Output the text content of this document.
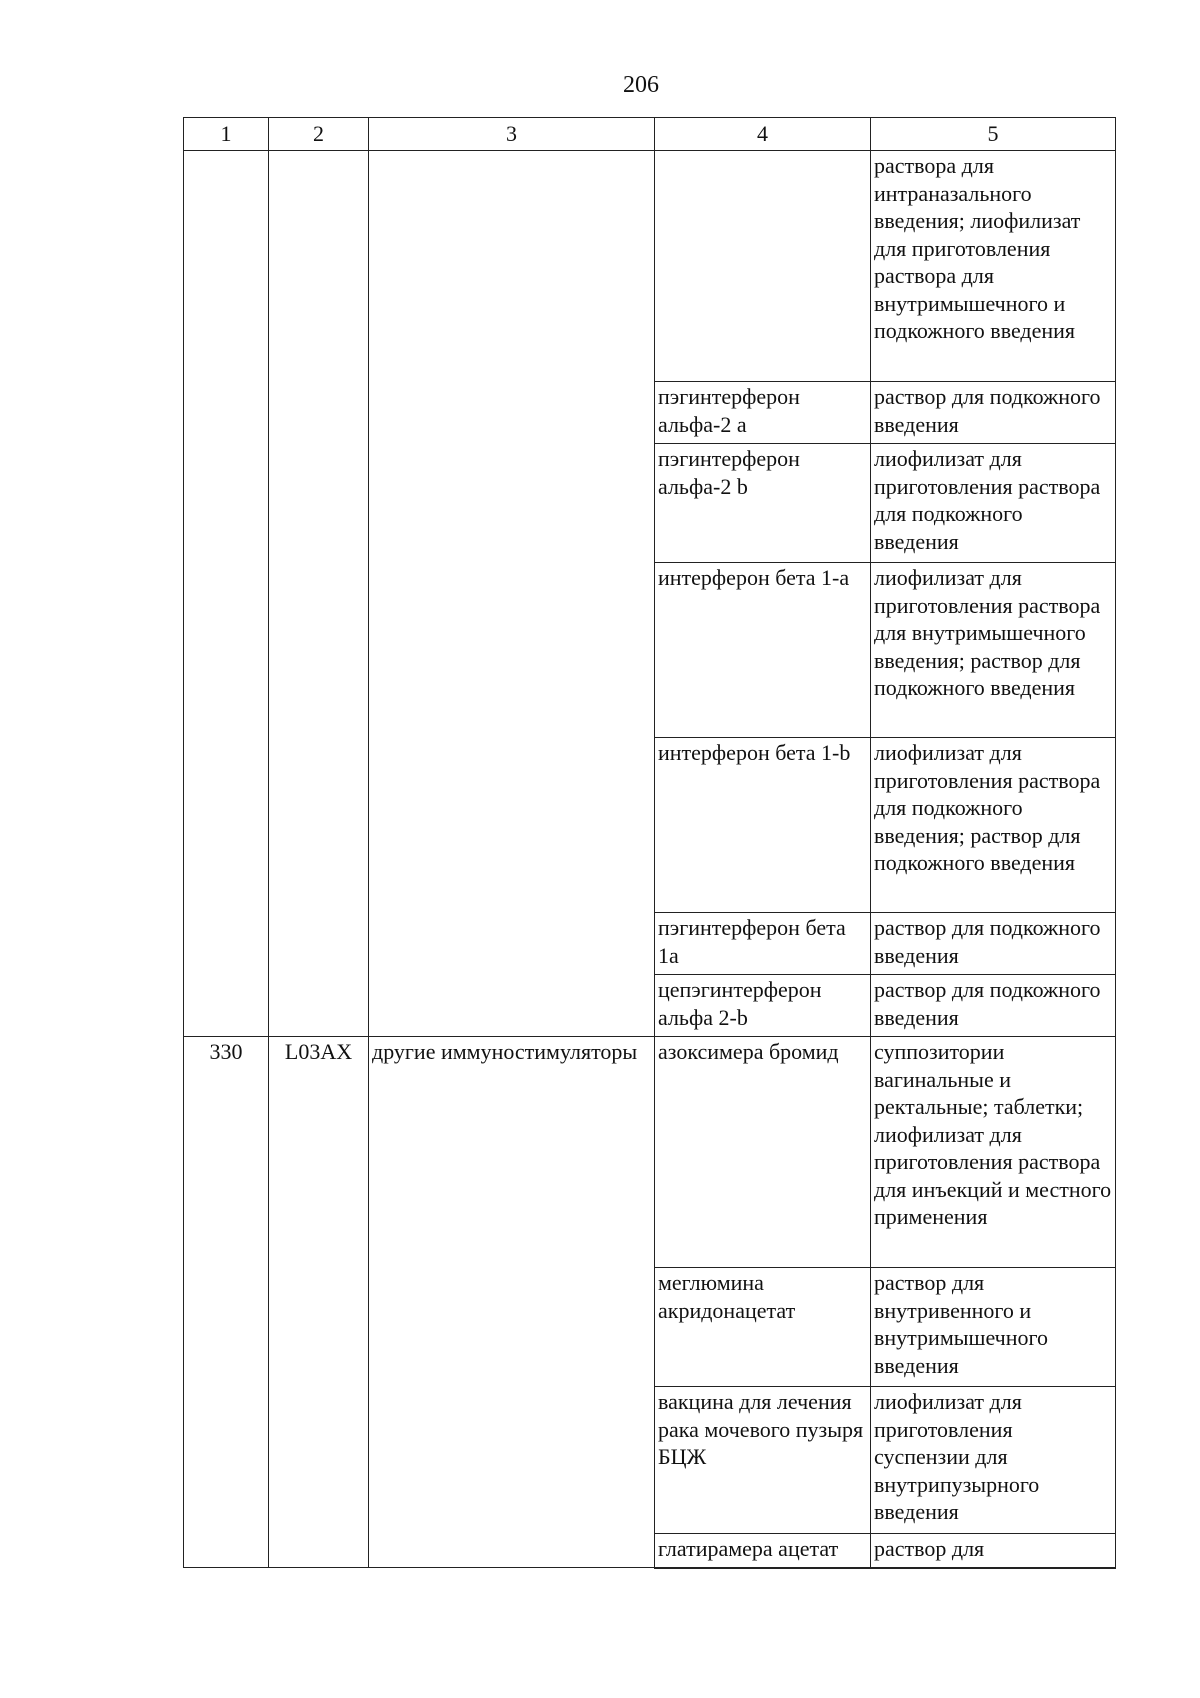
206
1	2	3	4	5
				раствора для интраназального введения; лиофилизат для приготовления раствора для внутримышечного и подкожного введения
			пэгинтерферон альфа-2 а	раствор для подкожного введения
			пэгинтерферон альфа-2 b	лиофилизат для приготовления раствора для подкожного введения
			интерферон бета 1-а	лиофилизат для приготовления раствора для внутримышечного введения; раствор для подкожного введения
			интерферон бета 1-b	лиофилизат для приготовления раствора для подкожного введения; раствор для подкожного введения
			пэгинтерферон бета 1a	раствор для подкожного введения
			цепэгинтерферон альфа 2-b	раствор для подкожного введения
330	L03AX	другие иммуностимуляторы	азоксимера бромид	суппозитории вагинальные и ректальные; таблетки; лиофилизат для приготовления раствора для инъекций и местного применения
			меглюмина акридонацетат	раствор для внутривенного и внутримышечного введения
			вакцина для лечения рака мочевого пузыря БЦЖ	лиофилизат для приготовления суспензии для внутрипузырного введения
			глатирамера ацетат	раствор для
